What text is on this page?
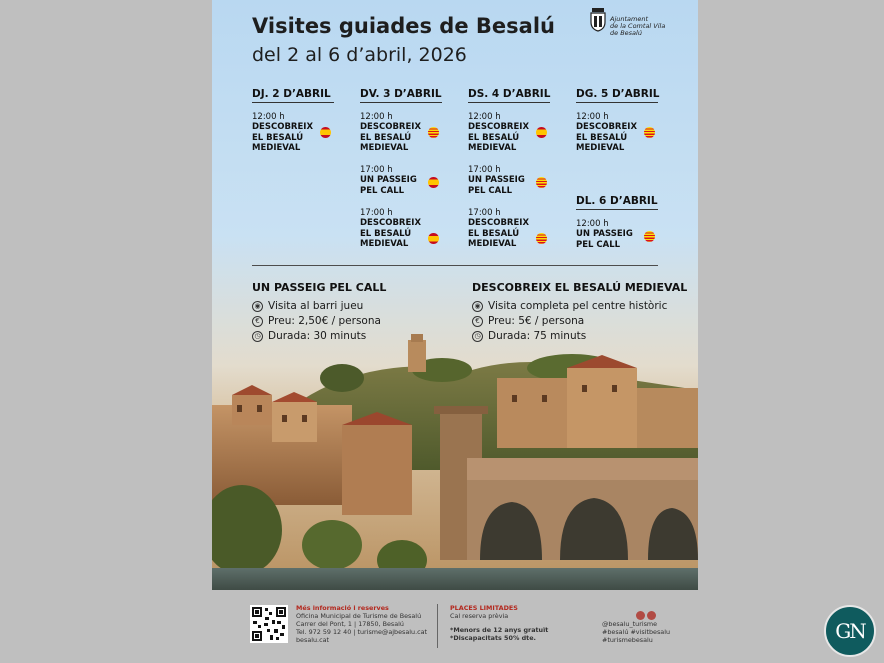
Visites guiades de Besalú
del 2 al 6 d’abril, 2026
Ajuntament
de la Comtal Vila
de Besalú
DJ. 2 D’ABRIL
12:00 h
DESCOBREIX EL BESALÚ MEDIEVAL
DV. 3 D’ABRIL
12:00 h
DESCOBREIX EL BESALÚ MEDIEVAL
17:00 h
UN PASSEIG PEL CALL
17:00 h
DESCOBREIX EL BESALÚ MEDIEVAL
DS. 4 D’ABRIL
12:00 h
DESCOBREIX EL BESALÚ MEDIEVAL
17:00 h
UN PASSEIG PEL CALL
17:00 h
DESCOBREIX EL BESALÚ MEDIEVAL
DG. 5 D’ABRIL
12:00 h
DESCOBREIX EL BESALÚ MEDIEVAL
DL. 6 D’ABRIL
12:00 h
UN PASSEIG PEL CALL
UN PASSEIG PEL CALL
◉ Visita al barri jueu
€ Preu: 2,50€ / persona
◷ Durada: 30 minuts
DESCOBREIX EL BESALÚ MEDIEVAL
◉ Visita completa pel centre històric
€ Preu: 5€ / persona
◷ Durada: 75 minuts
Més informació i reserves
Oficina Municipal de Turisme de Besalú
Carrer del Pont, 1 | 17850, Besalú
Tel. 972 59 12 40 | turisme@ajbesalu.cat
besalu.cat
PLACES LIMITADES
Cal reserva prèvia
*Menors de 12 anys gratuït
*Discapacitats 50% dte.
@besalu_turisme
#besalú #visitbesalu
#turismebesalu	GN
